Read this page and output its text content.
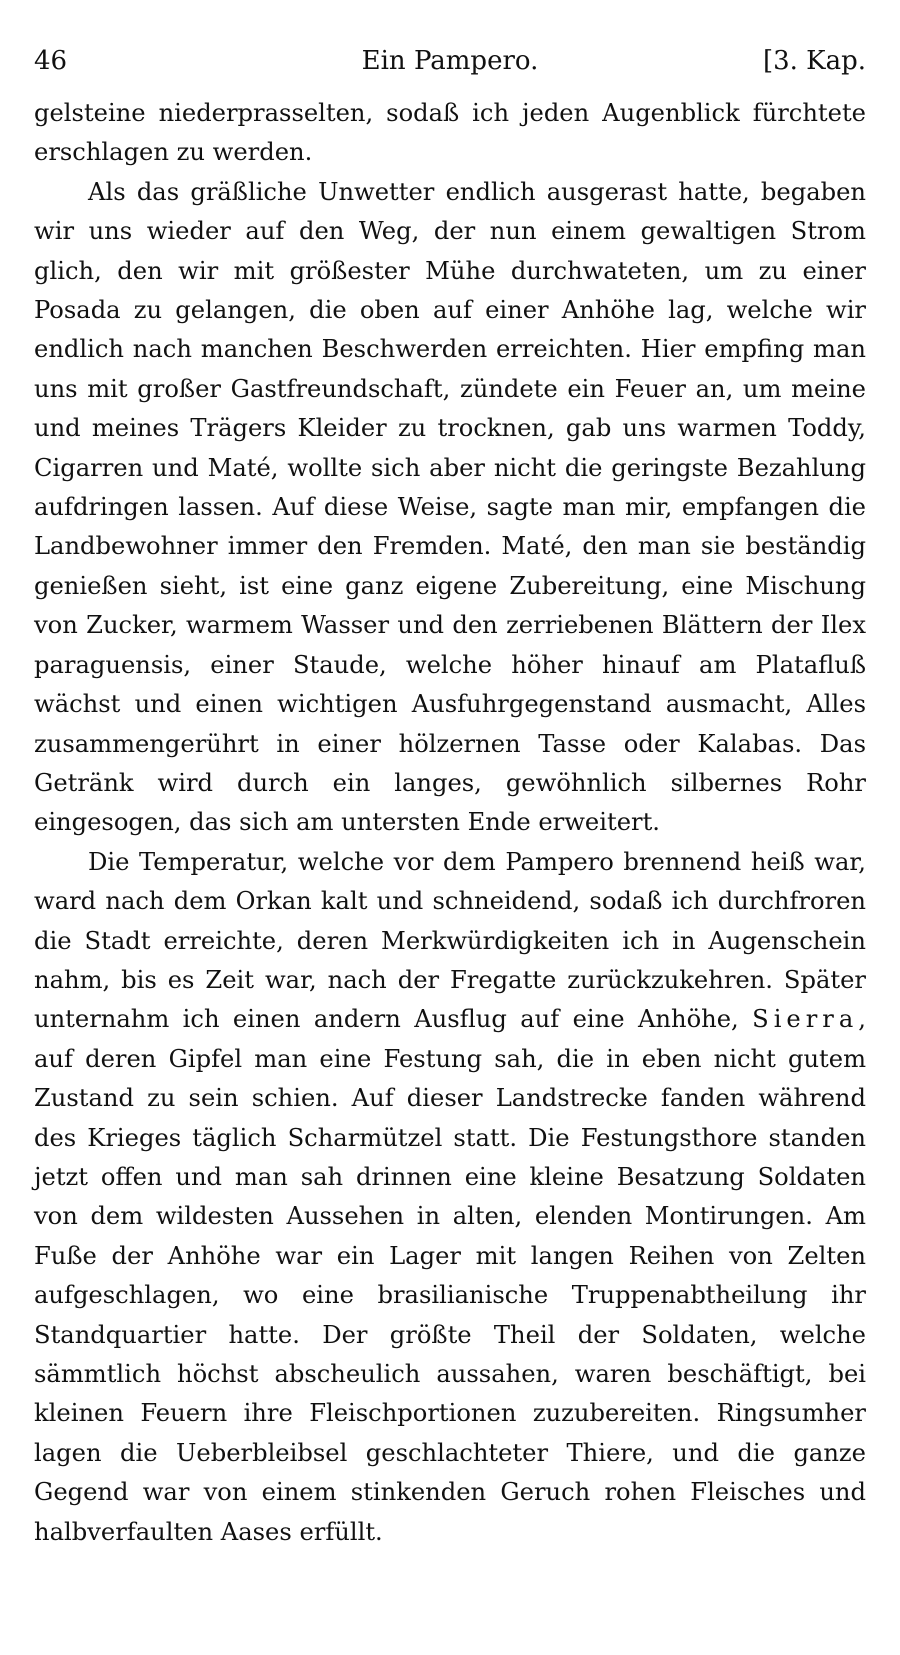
46	Ein Pampero.	[3. Kap.

gelsteine niederprasselten, sodaß ich jeden Augenblick fürchtete erschlagen zu werden.

Als das gräßliche Unwetter endlich ausgerast hatte, begaben wir uns wieder auf den Weg, der nun einem gewaltigen Strom glich, den wir mit größester Mühe durchwateten, um zu einer Posada zu gelangen, die oben auf einer Anhöhe lag, welche wir endlich nach manchen Beschwerden erreichten. Hier empfing man uns mit großer Gastfreundschaft, zündete ein Feuer an, um meine und meines Trägers Kleider zu trocknen, gab uns warmen Toddy, Cigarren und Maté, wollte sich aber nicht die geringste Bezahlung aufdringen lassen. Auf diese Weise, sagte man mir, empfangen die Landbewohner immer den Fremden. Maté, den man sie beständig genießen sieht, ist eine ganz eigene Zubereitung, eine Mischung von Zucker, warmem Wasser und den zerriebenen Blättern der Ilex paraguensis, einer Staude, welche höher hinauf am Platafluß wächst und einen wichtigen Ausfuhrgegenstand ausmacht, Alles zusammengerührt in einer hölzernen Tasse oder Kalabas. Das Getränk wird durch ein langes, gewöhnlich silbernes Rohr eingesogen, das sich am untersten Ende erweitert.

Die Temperatur, welche vor dem Pampero brennend heiß war, ward nach dem Orkan kalt und schneidend, sodaß ich durchfroren die Stadt erreichte, deren Merkwürdigkeiten ich in Augenschein nahm, bis es Zeit war, nach der Fregatte zurückzukehren. Später unternahm ich einen andern Ausflug auf eine Anhöhe, Sierra, auf deren Gipfel man eine Festung sah, die in eben nicht gutem Zustand zu sein schien. Auf dieser Landstrecke fanden während des Krieges täglich Scharmützel statt. Die Festungsthore standen jetzt offen und man sah drinnen eine kleine Besatzung Soldaten von dem wildesten Aussehen in alten, elenden Montirungen. Am Fuße der Anhöhe war ein Lager mit langen Reihen von Zelten aufgeschlagen, wo eine brasilianische Truppenabtheilung ihr Standquartier hatte. Der größte Theil der Soldaten, welche sämmtlich höchst abscheulich aussahen, waren beschäftigt, bei kleinen Feuern ihre Fleischportionen zuzubereiten. Ringsumher lagen die Ueberbleibsel geschlachteter Thiere, und die ganze Gegend war von einem stinkenden Geruch rohen Fleisches und halbverfaulten Aases erfüllt.
